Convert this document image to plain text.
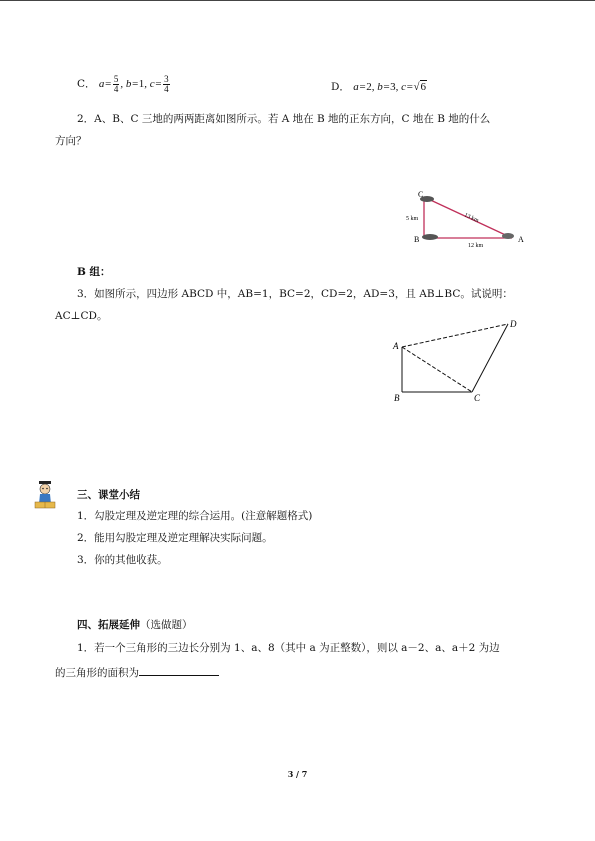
C． $a= \frac{5}{4}$ , b=1, $c= \frac{3}{4}$	D． a=2, b=3, c=√6
2．A、B、C 三地的两两距离如图所示。若 A 地在 B 地的正东方向，C 地在 B 地的什么
方向？
C
B	A
5 km	13 km
12 km
B 组：
3．如图所示，四边形 ABCD 中，AB=1，BC=2，CD=2，AD=3，且 AB⊥BC。试说明：
AC⊥CD。
A
B	C
D
三、课堂小结
1．勾股定理及逆定理的综合运用。(注意解题格式)
2．能用勾股定理及逆定理解决实际问题。
3．你的其他收获。
四、拓展延伸（选做题）
1．若一个三角形的三边长分别为 1、a、8（其中 a 为正整数），则以 a－2、a、a＋2 为边
的三角形的面积为
3 / 7
